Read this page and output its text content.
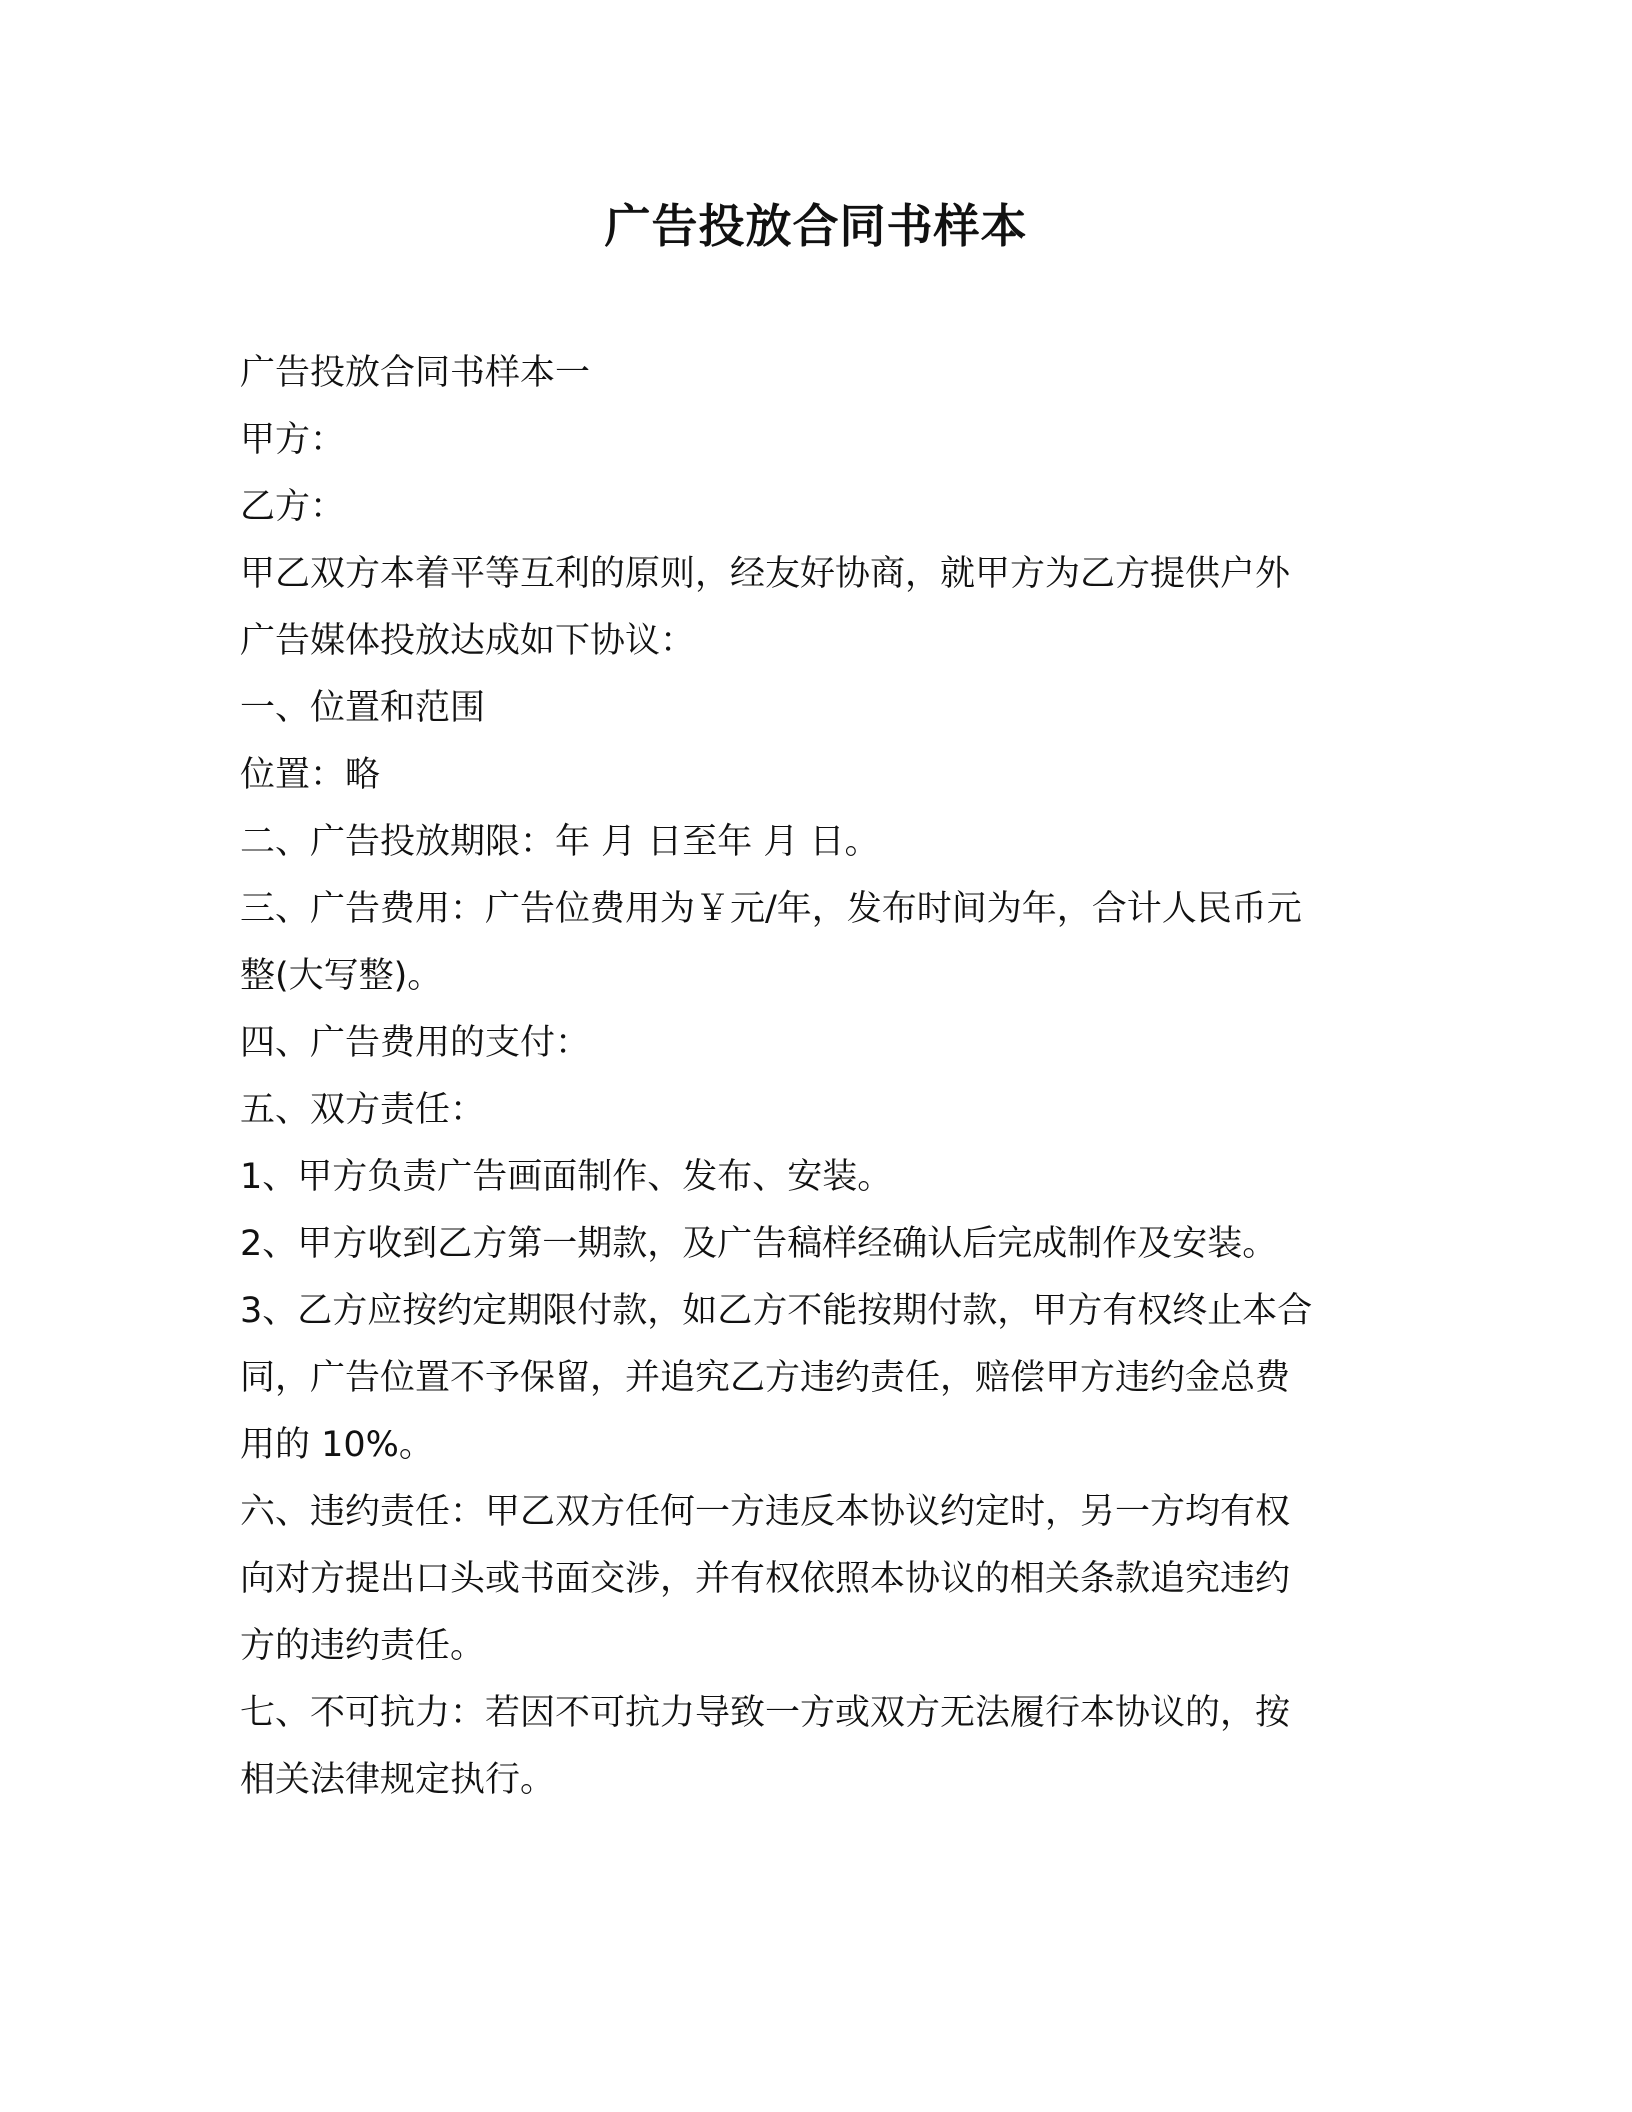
广告投放合同书样本

广告投放合同书样本一

甲方：

乙方：

甲乙双方本着平等互利的原则，经友好协商，就甲方为乙方提供户外

广告媒体投放达成如下协议：

一、位置和范围

位置：略

二、广告投放期限：年 月 日至年 月 日。

三、广告费用：广告位费用为￥元/年，发布时间为年，合计人民币元

整(大写整)。

四、广告费用的支付：

五、双方责任：

1、甲方负责广告画面制作、发布、安装。

2、甲方收到乙方第一期款，及广告稿样经确认后完成制作及安装。

3、乙方应按约定期限付款，如乙方不能按期付款，甲方有权终止本合

同，广告位置不予保留，并追究乙方违约责任，赔偿甲方违约金总费

用的 10%。

六、违约责任：甲乙双方任何一方违反本协议约定时，另一方均有权

向对方提出口头或书面交涉，并有权依照本协议的相关条款追究违约

方的违约责任。

七、不可抗力：若因不可抗力导致一方或双方无法履行本协议的，按

相关法律规定执行。
